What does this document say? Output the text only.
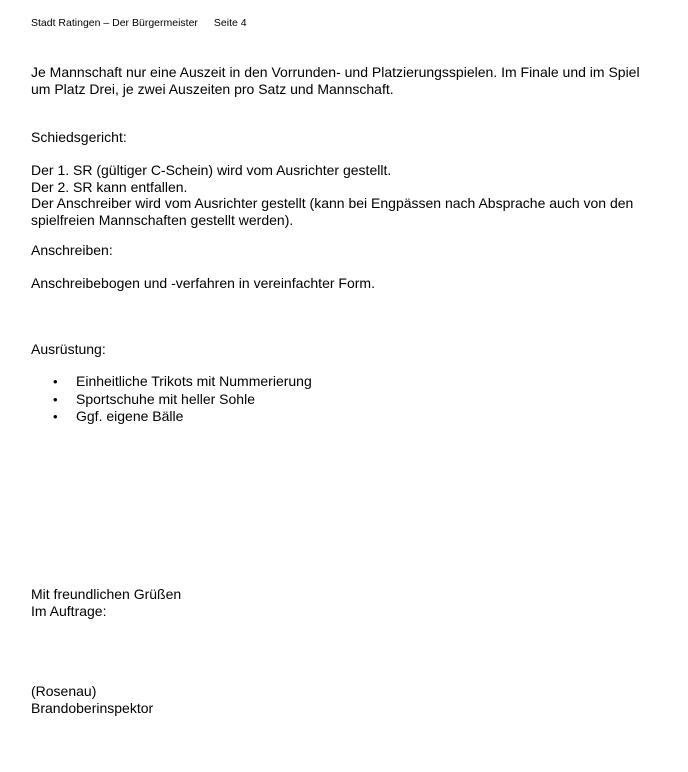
Stadt Ratingen – Der Bürgermeister Seite 4

Je Mannschaft nur eine Auszeit in den Vorrunden- und Platzierungsspielen. Im Finale und im Spiel

um Platz Drei, je zwei Auszeiten pro Satz und Mannschaft.

Schiedsgericht:

Der 1. SR (gültiger C-Schein) wird vom Ausrichter gestellt.

Der 2. SR kann entfallen.

Der Anschreiber wird vom Ausrichter gestellt (kann bei Engpässen nach Absprache auch von den

spielfreien Mannschaften gestellt werden).

Anschreiben:

Anschreibebogen und -verfahren in vereinfachter Form.

Ausrüstung:

• Einheitliche Trikots mit Nummerierung
• Sportschuhe mit heller Sohle
• Ggf. eigene Bälle

Mit freundlichen Grüßen

Im Auftrage:

(Rosenau)

Brandoberinspektor
